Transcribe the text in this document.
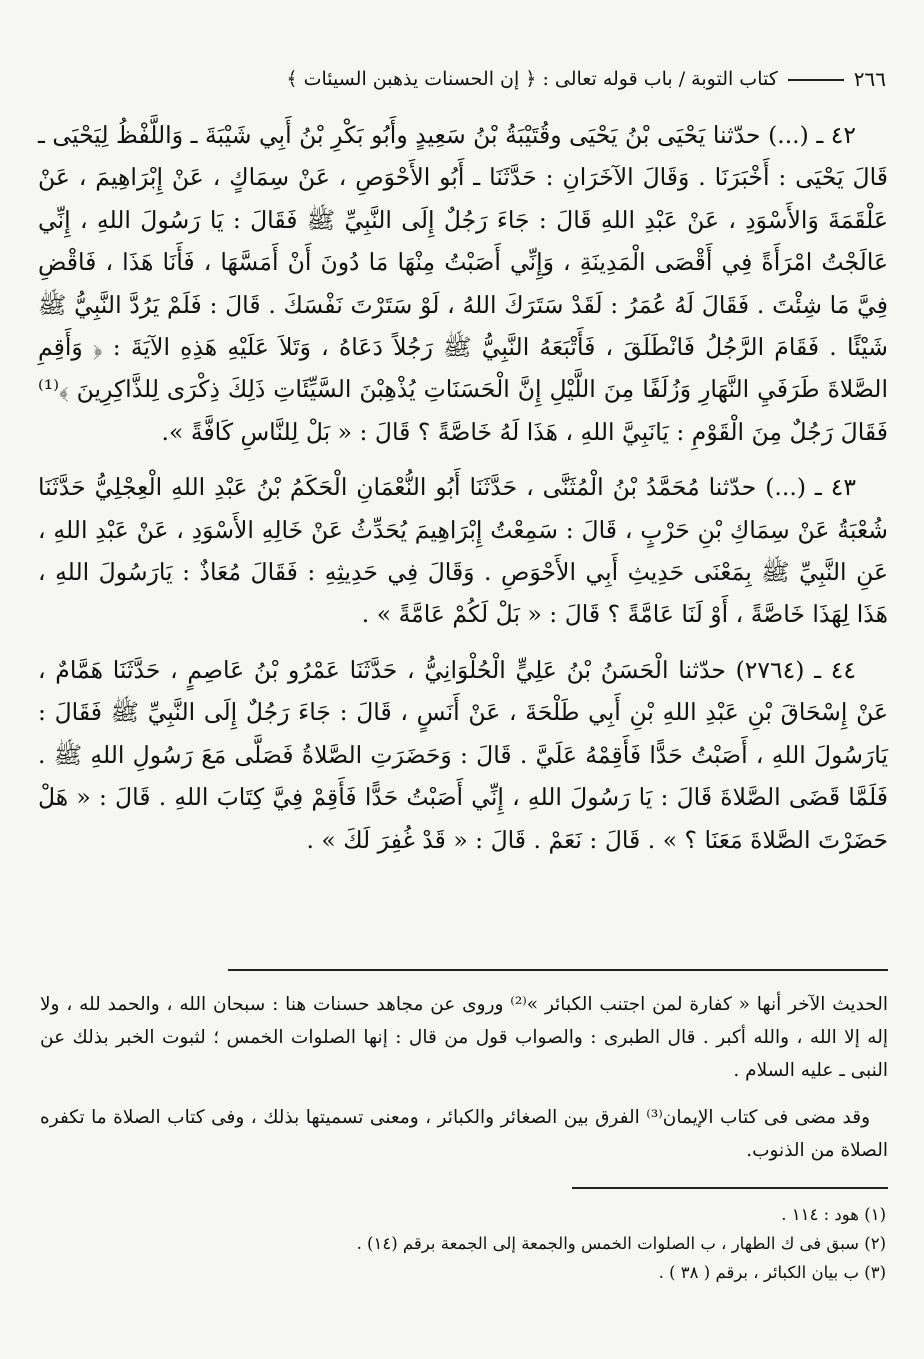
٢٦٦
كتاب التوبة / باب قوله تعالى : ﴿ إن الحسنات يذهبن السيئات ﴾

٤٢ ـ (...) حدّثنا يَحْيَى بْنُ يَحْيَى وقُتَيْبَةُ بْنُ سَعِيدٍ وأَبُو بَكْرِ بْنُ أَبِي شَيْبَةَ ـ وَاللَّفْظُ لِيَحْيَى ـ قَالَ يَحْيَى : أَخْبَرَنَا . وَقَالَ الآخَرَانِ : حَدَّثَنَا ـ أَبُو الأَحْوَصِ ، عَنْ سِمَاكٍ ، عَنْ إِبْرَاهِيمَ ، عَنْ عَلْقَمَةَ وَالأَسْوَدِ ، عَنْ عَبْدِ اللهِ قَالَ : جَاءَ رَجُلٌ إِلَى النَّبِيِّ ﷺ فَقَالَ : يَا رَسُولَ اللهِ ، إِنِّي عَالَجْتُ امْرَأَةً فِي أَقْصَى الْمَدِينَةِ ، وَإِنِّي أَصَبْتُ مِنْهَا مَا دُونَ أَنْ أَمَسَّهَا ، فَأَنَا هَذَا ، فَاقْضِ فِيَّ مَا شِئْتَ . فَقَالَ لَهُ عُمَرُ : لَقَدْ سَتَرَكَ اللهُ ، لَوْ سَتَرْتَ نَفْسَكَ . قَالَ : فَلَمْ يَرُدَّ النَّبِيُّ ﷺ شَيْئًا . فَقَامَ الرَّجُلُ فَانْطَلَقَ ، فَأَتْبَعَهُ النَّبِيُّ ﷺ رَجُلاً دَعَاهُ ، وَتَلاَ عَلَيْهِ هَذِهِ الآيَةَ : ﴿ وَأَقِمِ الصَّلاةَ طَرَفَيِ النَّهَارِ وَزُلَفًا مِنَ اللَّيْلِ إِنَّ الْحَسَنَاتِ يُذْهِبْنَ السَّيِّئَاتِ ذَلِكَ ذِكْرَى لِلذَّاكِرِينَ ﴾⁽¹⁾ فَقَالَ رَجُلٌ مِنَ الْقَوْمِ : يَانَبِيَّ اللهِ ، هَذَا لَهُ خَاصَّةً ؟ قَالَ : « بَلْ لِلنَّاسِ كَافَّةً ».

٤٣ ـ (...) حدّثنا مُحَمَّدُ بْنُ الْمُثَنَّى ، حَدَّثَنَا أَبُو النُّعْمَانِ الْحَكَمُ بْنُ عَبْدِ اللهِ الْعِجْلِيُّ حَدَّثَنَا شُعْبَةُ عَنْ سِمَاكِ بْنِ حَرْبٍ ، قَالَ : سَمِعْتُ إِبْرَاهِيمَ يُحَدِّثُ عَنْ خَالِهِ الأَسْوَدِ ، عَنْ عَبْدِ اللهِ ، عَنِ النَّبِيِّ ﷺ بِمَعْنَى حَدِيثِ أَبِي الأَحْوَصِ . وَقَالَ فِي حَدِيثِهِ : فَقَالَ مُعَاذٌ : يَارَسُولَ اللهِ ، هَذَا لِهَذَا خَاصَّةً ، أَوْ لَنَا عَامَّةً ؟ قَالَ : « بَلْ لَكُمْ عَامَّةً » .

٤٤ ـ (٢٧٦٤) حدّثنا الْحَسَنُ بْنُ عَلِيٍّ الْحُلْوَانِيُّ ، حَدَّثَنَا عَمْرُو بْنُ عَاصِمٍ ، حَدَّثَنَا هَمَّامٌ ، عَنْ إِسْحَاقَ بْنِ عَبْدِ اللهِ بْنِ أَبِي طَلْحَةَ ، عَنْ أَنَسٍ ، قَالَ : جَاءَ رَجُلٌ إِلَى النَّبِيِّ ﷺ فَقَالَ : يَارَسُولَ اللهِ ، أَصَبْتُ حَدًّا فَأَقِمْهُ عَلَيَّ . قَالَ : وَحَضَرَتِ الصَّلاةُ فَصَلَّى مَعَ رَسُولِ اللهِ ﷺ . فَلَمَّا قَضَى الصَّلاةَ قَالَ : يَا رَسُولَ اللهِ ، إِنِّي أَصَبْتُ حَدًّا فَأَقِمْ فِيَّ كِتَابَ اللهِ . قَالَ : « هَلْ حَضَرْتَ الصَّلاةَ مَعَنَا ؟ » . قَالَ : نَعَمْ . قَالَ : « قَدْ غُفِرَ لَكَ » .

الحديث الآخر أنها « كفارة لمن اجتنب الكبائر »⁽²⁾ وروى عن مجاهد حسنات هنا : سبحان الله ، والحمد لله ، ولا إله إلا الله ، والله أكبر . قال الطبرى : والصواب قول من قال : إنها الصلوات الخمس ؛ لثبوت الخبر بذلك عن النبى ـ عليه السلام .

وقد مضى فى كتاب الإيمان⁽³⁾ الفرق بين الصغائر والكبائر ، ومعنى تسميتها بذلك ، وفى كتاب الصلاة ما تكفره الصلاة من الذنوب.

(١) هود : ١١٤ .
(٢) سبق فى ك الطهار ، ب الصلوات الخمس والجمعة إلى الجمعة برقم (١٤) .
(٣) ب بيان الكبائر ، برقم ( ٣٨ ) .
